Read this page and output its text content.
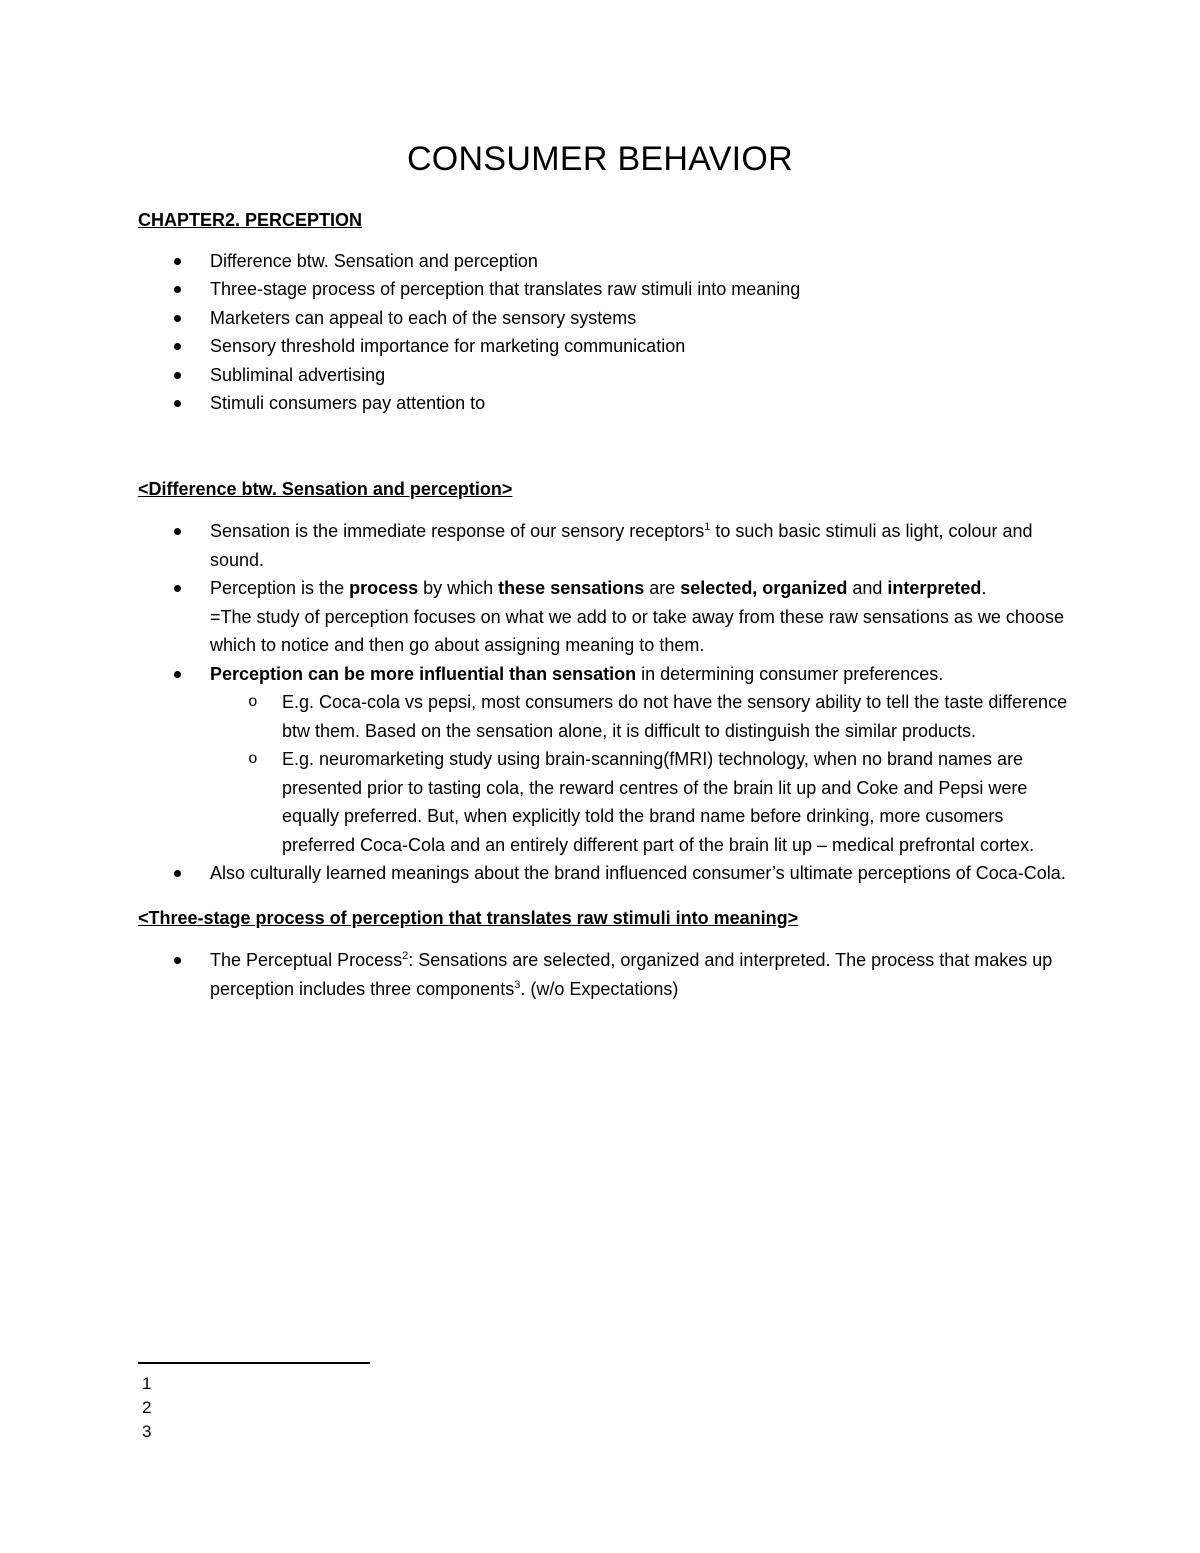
CONSUMER BEHAVIOR

CHAPTER2. PERCEPTION

Difference btw. Sensation and perception
Three-stage process of perception that translates raw stimuli into meaning
Marketers can appeal to each of the sensory systems
Sensory threshold importance for marketing communication
Subliminal advertising
Stimuli consumers pay attention to

<Difference btw. Sensation and perception>

Sensation is the immediate response of our sensory receptors$^1$ to such basic stimuli as light, colour and sound.
Perception is the process by which these sensations are selected, organized and interpreted.
=The study of perception focuses on what we add to or take away from these raw sensations as we choose which to notice and then go about assigning meaning to them.
Perception can be more influential than sensation in determining consumer preferences.
o E.g. Coca-cola vs pepsi, most consumers do not have the sensory ability to tell the taste difference btw them. Based on the sensation alone, it is difficult to distinguish the similar products.
o E.g. neuromarketing study using brain-scanning(fMRI) technology, when no brand names are presented prior to tasting cola, the reward centres of the brain lit up and Coke and Pepsi were equally preferred. But, when explicitly told the brand name before drinking, more cusomers preferred Coca-Cola and an entirely different part of the brain lit up – medical prefrontal cortex.
Also culturally learned meanings about the brand influenced consumer’s ultimate perceptions of Coca-Cola.

<Three-stage process of perception that translates raw stimuli into meaning>

The Perceptual Process$^2$: Sensations are selected, organized and interpreted. The process that makes up perception includes three components$^3$. (w/o Expectations)
1
2
3
